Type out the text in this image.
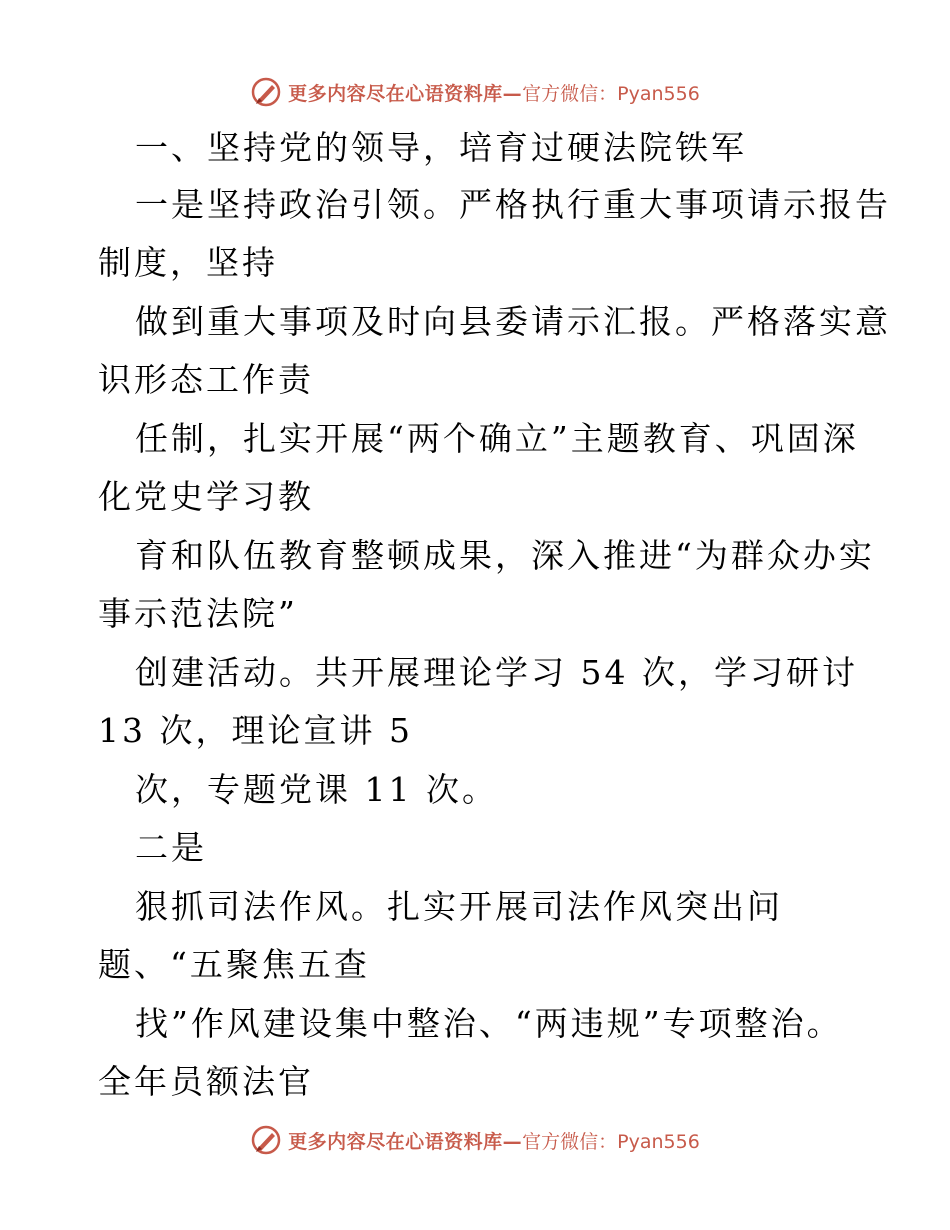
更多内容尽在心语资料库— 官方微信：Pyan556
一、坚持党的领导，培育过硬法院铁军
一是坚持政治引领。严格执行重大事项请示报告
制度，坚持
做到重大事项及时向县委请示汇报。严格落实意
识形态工作责
任制，扎实开展“两个确立”主题教育、巩固深
化党史学习教
育和队伍教育整顿成果，深入推进“为群众办实
事示范法院”
创建活动。共开展理论学习 54 次，学习研讨
13 次，理论宣讲 5
次，专题党课 11 次。
二是
狠抓司法作风。扎实开展司法作风突出问
题、“五聚焦五查
找”作风建设集中整治、“两违规”专项整治。
全年员额法官
更多内容尽在心语资料库— 官方微信：Pyan556
